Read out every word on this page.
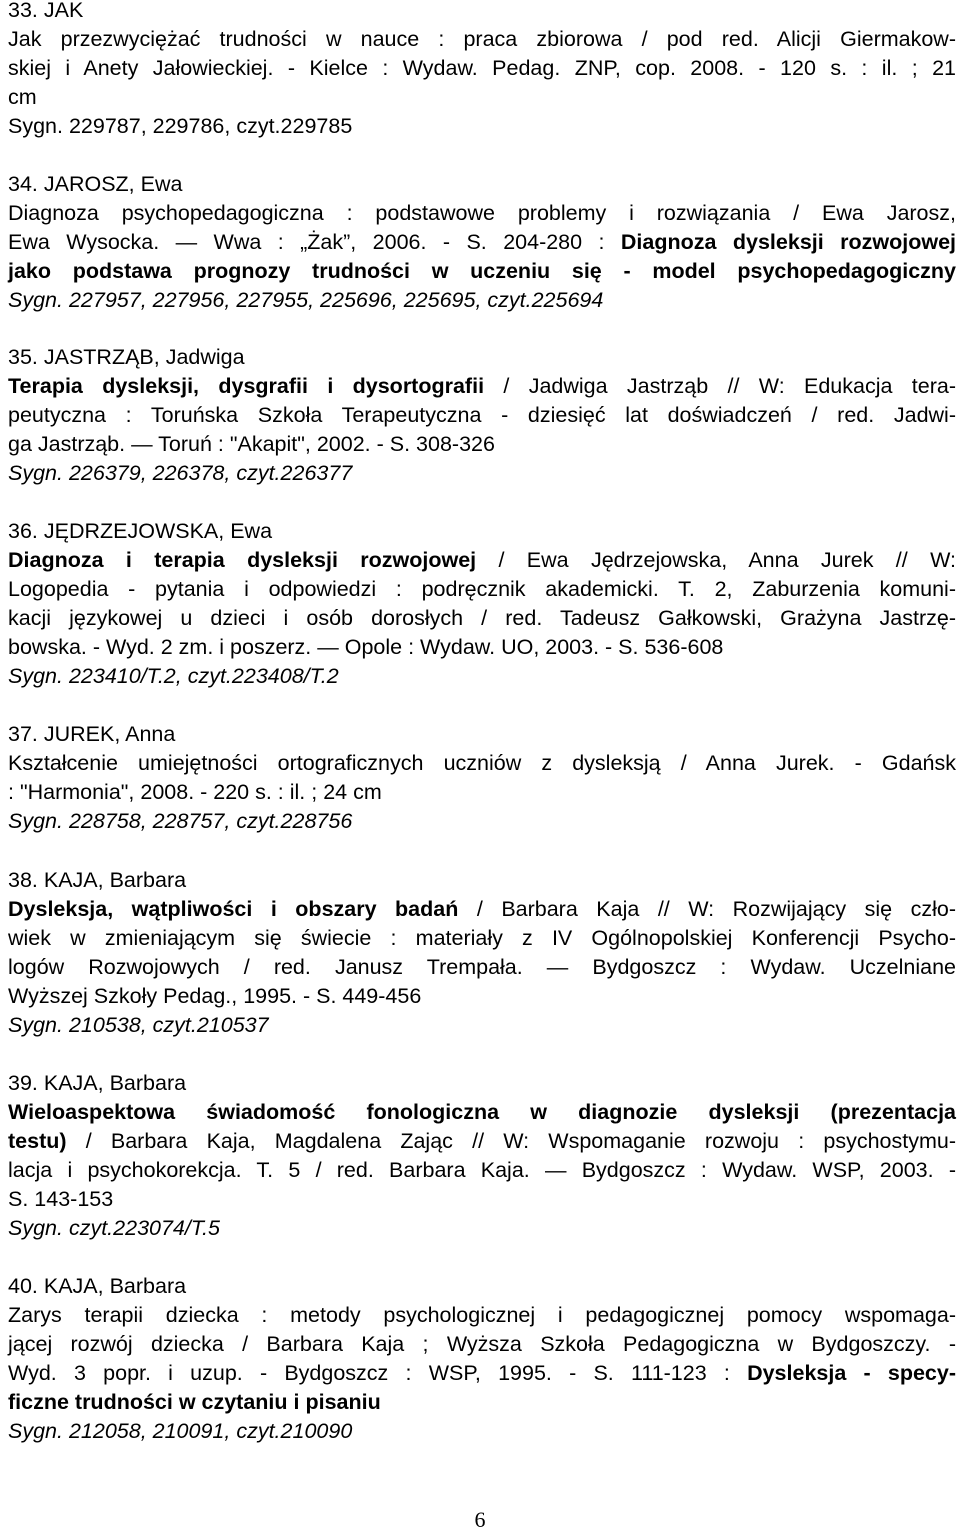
33. JAK
Jak przezwyciężać trudności w nauce : praca zbiorowa / pod red. Alicji Giermakow-
skiej i Anety Jałowieckiej. - Kielce : Wydaw. Pedag. ZNP, cop. 2008. - 120 s. : il. ; 21
cm
Sygn. 229787, 229786, czyt.229785
34. JAROSZ, Ewa
Diagnoza psychopedagogiczna : podstawowe problemy i rozwiązania / Ewa Jarosz,
Ewa Wysocka. — Wwa : „Żak”, 2006. - S. 204-280 : Diagnoza dysleksji rozwojowej
jako podstawa prognozy trudności w uczeniu się - model psychopedagogiczny
Sygn. 227957, 227956, 227955, 225696, 225695, czyt.225694
35. JASTRZĄB, Jadwiga
Terapia dysleksji, dysgrafii i dysortografii / Jadwiga Jastrząb // W: Edukacja tera-
peutyczna : Toruńska Szkoła Terapeutyczna - dziesięć lat doświadczeń / red. Jadwi-
ga Jastrząb. — Toruń : "Akapit", 2002. - S. 308-326
Sygn. 226379, 226378, czyt.226377
36. JĘDRZEJOWSKA, Ewa
Diagnoza i terapia dysleksji rozwojowej / Ewa Jędrzejowska, Anna Jurek // W:
Logopedia - pytania i odpowiedzi : podręcznik akademicki. T. 2, Zaburzenia komuni-
kacji językowej u dzieci i osób dorosłych / red. Tadeusz Gałkowski, Grażyna Jastrzę-
bowska. - Wyd. 2 zm. i poszerz. — Opole : Wydaw. UO, 2003. - S. 536-608
Sygn. 223410/T.2, czyt.223408/T.2
37. JUREK, Anna
Kształcenie umiejętności ortograficznych uczniów z dysleksją / Anna Jurek. - Gdańsk
: "Harmonia", 2008. - 220 s. : il. ; 24 cm
Sygn. 228758, 228757, czyt.228756
38. KAJA, Barbara
Dysleksja, wątpliwości i obszary badań / Barbara Kaja // W: Rozwijający się czło-
wiek w zmieniającym się świecie : materiały z IV Ogólnopolskiej Konferencji Psycho-
logów Rozwojowych / red. Janusz Trempała. — Bydgoszcz : Wydaw. Uczelniane
Wyższej Szkoły Pedag., 1995. - S. 449-456
Sygn. 210538, czyt.210537
39. KAJA, Barbara
Wieloaspektowa świadomość fonologiczna w diagnozie dysleksji (prezentacja
testu) / Barbara Kaja, Magdalena Zając // W: Wspomaganie rozwoju : psychostymu-
lacja i psychokorekcja. T. 5 / red. Barbara Kaja. — Bydgoszcz : Wydaw. WSP, 2003. -
S. 143-153
Sygn. czyt.223074/T.5
40. KAJA, Barbara
Zarys terapii dziecka : metody psychologicznej i pedagogicznej pomocy wspomaga-
jącej rozwój dziecka / Barbara Kaja ; Wyższa Szkoła Pedagogiczna w Bydgoszczy. -
Wyd. 3 popr. i uzup. - Bydgoszcz : WSP, 1995. - S. 111-123 : Dysleksja - specy-
ficzne trudności w czytaniu i pisaniu
Sygn. 212058, 210091, czyt.210090
6
